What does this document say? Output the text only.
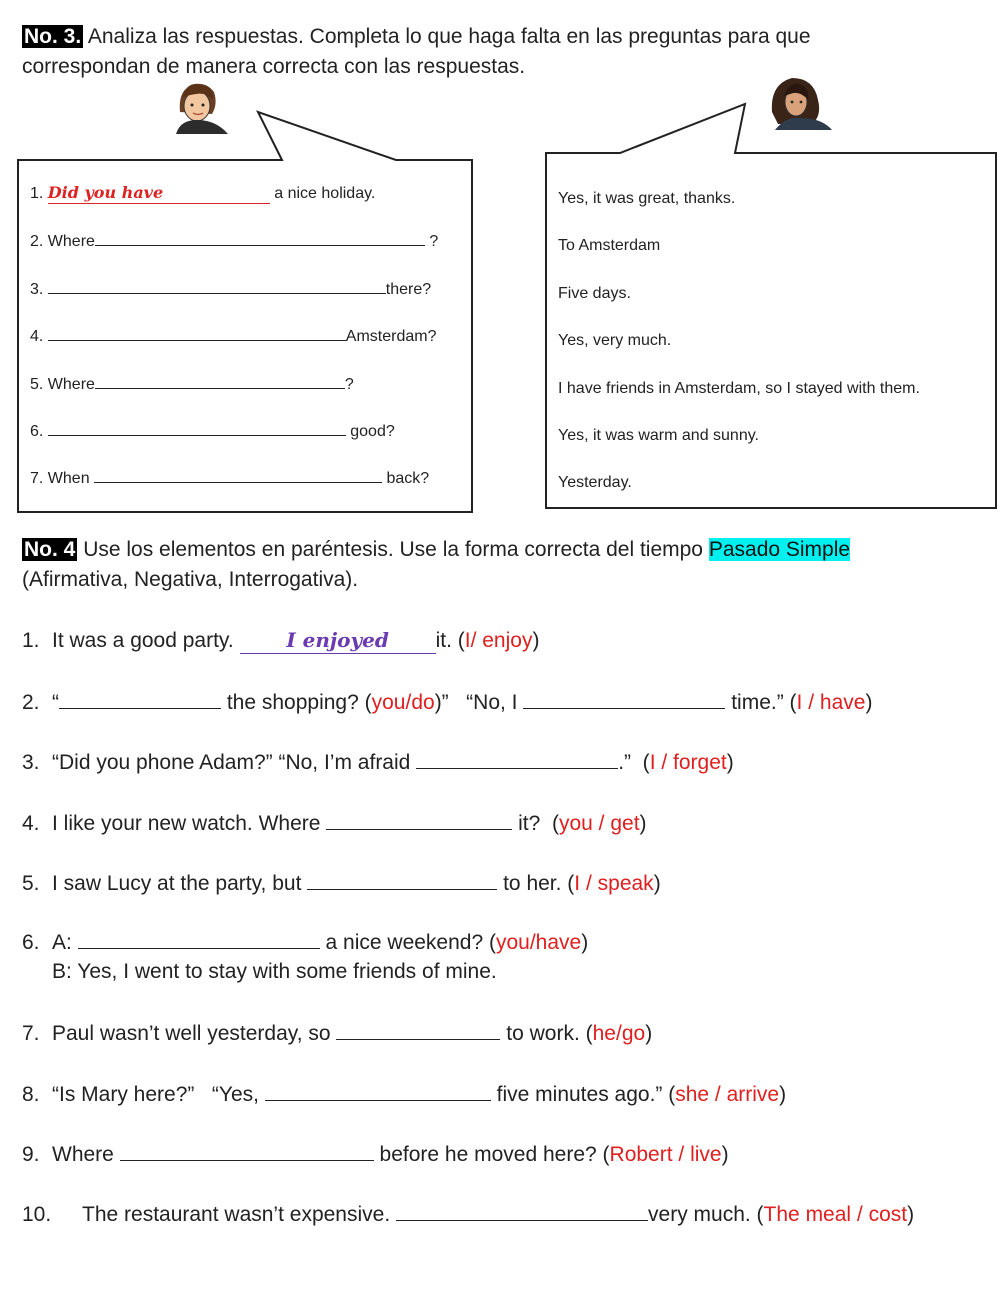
No. 3. Analiza las respuestas. Completa lo que haga falta en las preguntas para que
correspondan de manera correcta con las respuestas.
1. Did you have	a nice holiday.
2. Where	?
3.	there?
4.	Amsterdam?
5. Where	?
6.	good?
7. When	back?
Yes, it was great, thanks.
To Amsterdam
Five days.
Yes, very much.
I have friends in Amsterdam, so I stayed with them.
Yes, it was warm and sunny.
Yesterday.
No. 4 Use los elementos en paréntesis. Use la forma correcta del tiempo Pasado Simple
(Afirmativa, Negativa, Interrogativa).
1. It was a good party.	I enjoyed it. (I/ enjoy)
2. “	the shopping? (you/do)”   “No, I	time.” (I / have)
3. “Did you phone Adam?” “No, I’m afraid	.”  (I / forget)
4. I like your new watch. Where	it?  (you / get)
5. I saw Lucy at the party, but	to her. (I / speak)
6. A:	a nice weekend? (you/have)
B: Yes, I went to stay with some friends of mine.
7. Paul wasn’t well yesterday, so	to work. (he/go)
8. “Is Mary here?”   “Yes,	five minutes ago.” (she / arrive)
9. Where	before he moved here? (Robert / live)
10. The restaurant wasn’t expensive.	very much. (The meal / cost)
